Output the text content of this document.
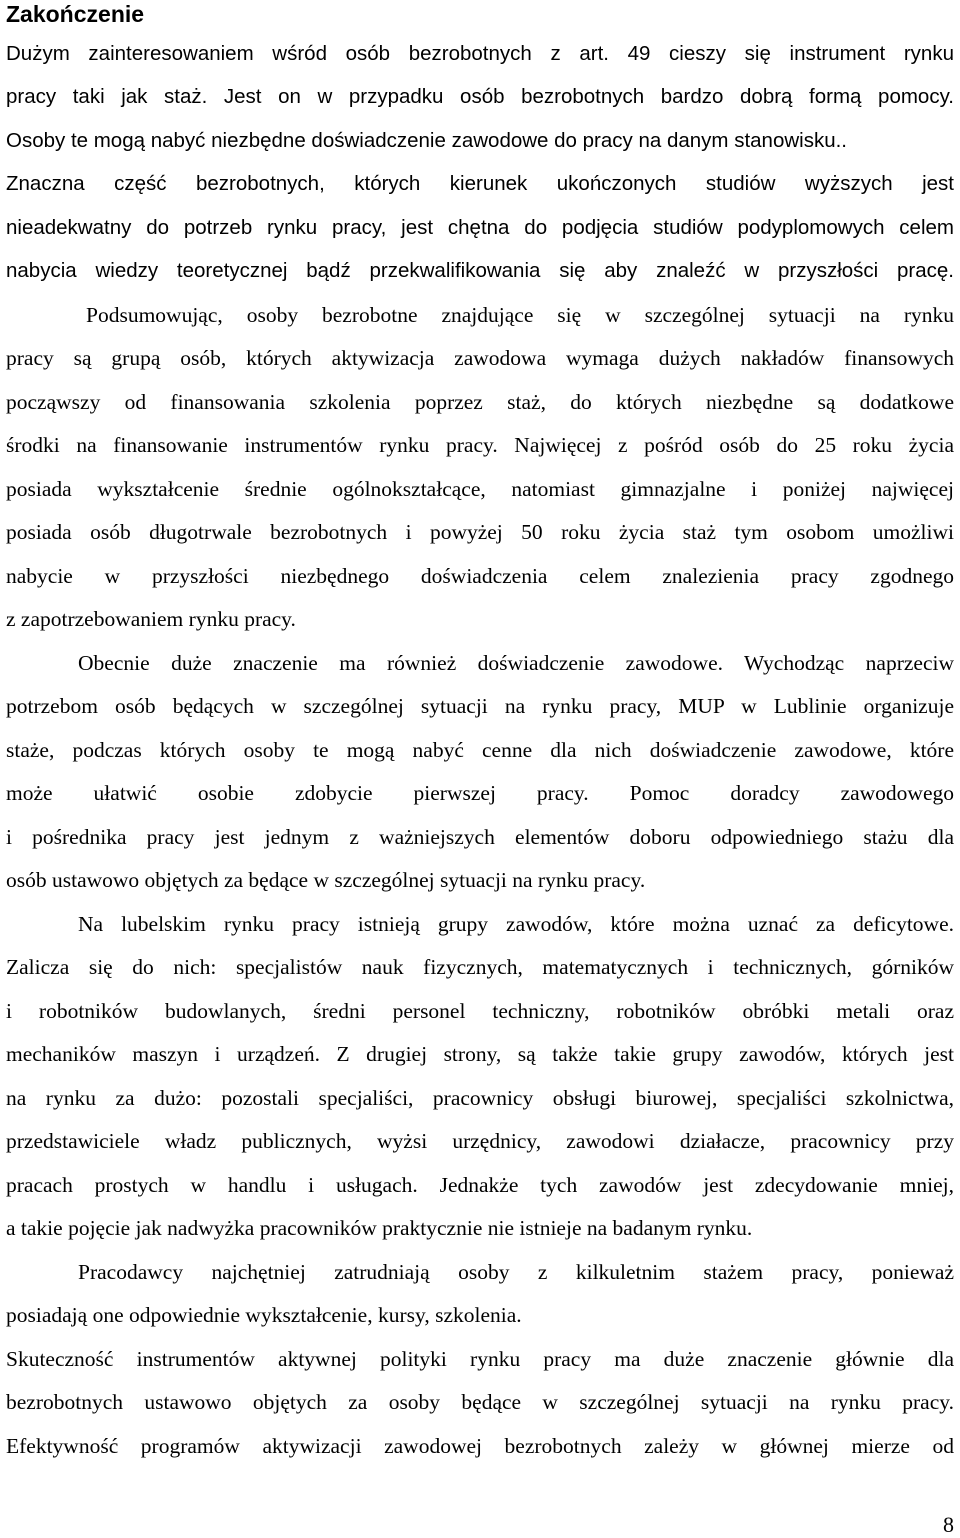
Zakończenie

Dużym zainteresowaniem wśród osób bezrobotnych z art. 49 cieszy się instrument rynku

pracy taki jak staż. Jest on w przypadku osób bezrobotnych bardzo dobrą formą pomocy.

Osoby te mogą nabyć niezbędne doświadczenie zawodowe do pracy na danym stanowisku..

Znaczna część bezrobotnych, których kierunek ukończonych studiów wyższych jest

nieadekwatny do potrzeb rynku pracy, jest chętna do podjęcia studiów podyplomowych celem

nabycia wiedzy teoretycznej bądź przekwalifikowania się aby znaleźć w przyszłości pracę.

Podsumowując, osoby bezrobotne znajdujące się w szczególnej sytuacji na rynku

pracy są grupą osób, których aktywizacja zawodowa wymaga dużych nakładów finansowych

począwszy od finansowania szkolenia poprzez staż, do których niezbędne są dodatkowe

środki na finansowanie instrumentów rynku pracy. Najwięcej z pośród osób do 25 roku życia

posiada wykształcenie średnie ogólnokształcące, natomiast gimnazjalne i poniżej najwięcej

posiada osób długotrwale bezrobotnych i powyżej 50 roku życia staż tym osobom umożliwi

nabycie w przyszłości niezbędnego doświadczenia celem znalezienia pracy zgodnego

z zapotrzebowaniem rynku pracy.

Obecnie duże znaczenie ma również doświadczenie zawodowe. Wychodząc naprzeciw

potrzebom osób będących w szczególnej sytuacji na rynku pracy, MUP w Lublinie organizuje

staże, podczas których osoby te mogą nabyć cenne dla nich doświadczenie zawodowe, które

może ułatwić osobie zdobycie pierwszej pracy. Pomoc doradcy zawodowego

i pośrednika pracy jest jednym z ważniejszych elementów doboru odpowiedniego stażu dla

osób ustawowo objętych za będące w szczególnej sytuacji na rynku pracy.

Na lubelskim rynku pracy istnieją grupy zawodów, które można uznać za deficytowe.

Zalicza się do nich: specjalistów nauk fizycznych, matematycznych i technicznych, górników

i robotników budowlanych, średni personel techniczny, robotników obróbki metali oraz

mechaników maszyn i urządzeń. Z drugiej strony, są także takie grupy zawodów, których jest

na rynku za dużo: pozostali specjaliści, pracownicy obsługi biurowej, specjaliści szkolnictwa,

przedstawiciele władz publicznych, wyżsi urzędnicy, zawodowi działacze, pracownicy przy

pracach prostych w handlu i usługach. Jednakże tych zawodów jest zdecydowanie mniej,

a takie pojęcie jak nadwyżka pracowników praktycznie nie istnieje na badanym rynku.

Pracodawcy najchętniej zatrudniają osoby z kilkuletnim stażem pracy, ponieważ

posiadają one odpowiednie wykształcenie, kursy, szkolenia.

Skuteczność instrumentów aktywnej polityki rynku pracy ma duże znaczenie głównie dla

bezrobotnych ustawowo objętych za osoby będące w szczególnej sytuacji na rynku pracy.

Efektywność programów aktywizacji zawodowej bezrobotnych zależy w głównej mierze od

8
